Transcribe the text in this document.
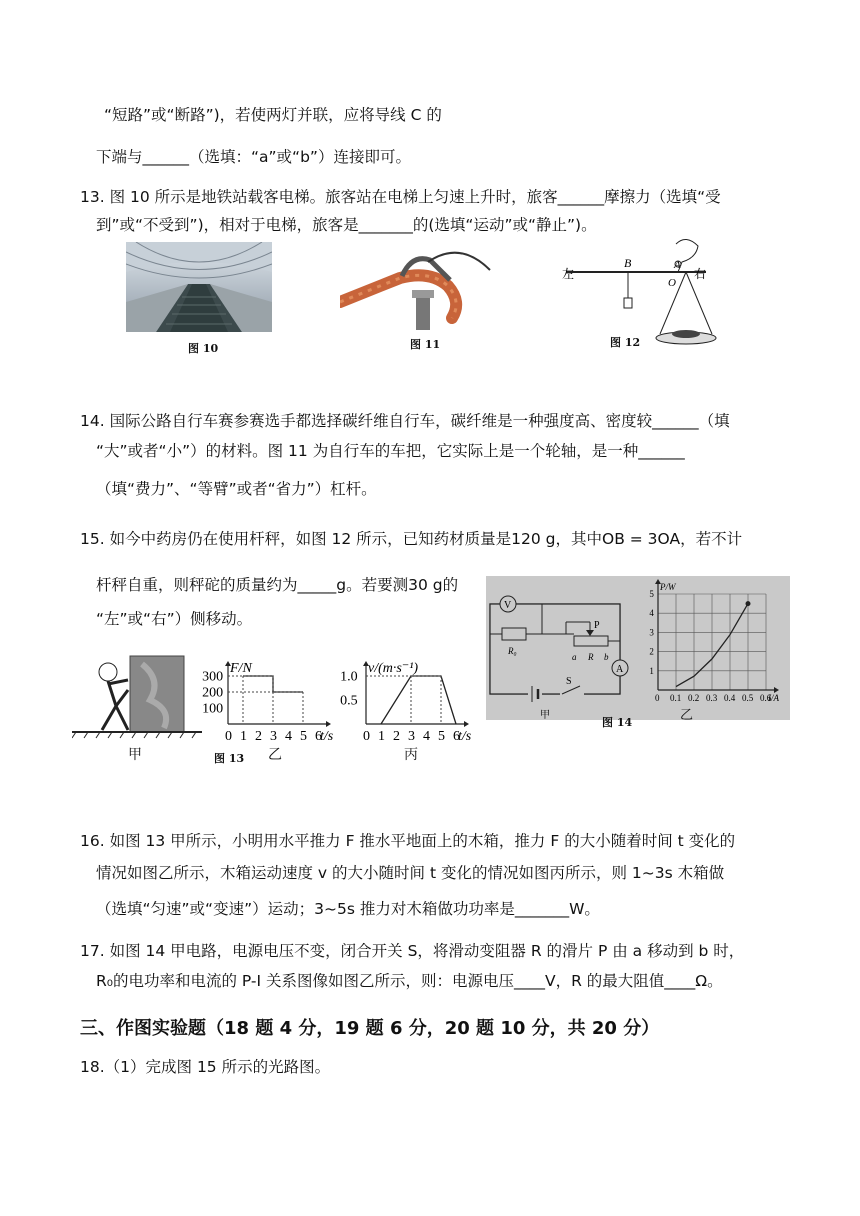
“短路”或“断路”)，若使两灯并联，应将导线 C 的
下端与______（选填：“a”或“b”）连接即可。
13. 图 10 所示是地铁站载客电梯。旅客站在电梯上匀速上升时，旅客______摩擦力（选填“受
到”或“不受到”)，相对于电梯，旅客是_______的(选填“运动”或“静止”)。
图 10	图 11
左	右
B	A
O
图 12
14. 国际公路自行车赛参赛选手都选择碳纤维自行车，碳纤维是一种强度高、密度较______（填
“大”或者“小”）的材料。图 11 为自行车的车把，它实际上是一个轮轴，是一种______
（填“费力”、“等臂”或者“省力”）杠杆。
15. 如今中药房仍在使用杆秤，如图 12 所示，已知药材质量是120 g，其中OB = 3OA，若不计
杆秤自重，则秤砣的质量约为_____g。若要测30 g的
“左”或“右”）侧移动。
甲	图 13
0 1 2 3 4 5 6
100
200
300
t/s
F/N
乙
0 1 2 3 4 5 6
0.5
1.0
t/s
v/(m·s⁻¹)
丙
V
R₀
P
a R b
A
S
甲
图 14
0 0.1 0.2 0.3 0.4 0.5 0.6
1
2
3
4
5
I/A
P/W
乙
16. 如图 13 甲所示，小明用水平推力 F 推水平地面上的木箱，推力 F 的大小随着时间 t 变化的
情况如图乙所示，木箱运动速度 v 的大小随时间 t 变化的情况如图丙所示，则 1~3s 木箱做
（选填“匀速”或“变速”）运动；3~5s 推力对木箱做功功率是_______W。
17. 如图 14 甲电路，电源电压不变，闭合开关 S，将滑动变阻器 R 的滑片 P 由 a 移动到 b 时，
R₀的电功率和电流的 P-I 关系图像如图乙所示，则：电源电压____V，R 的最大阻值____Ω。
三、作图实验题（18 题 4 分，19 题 6 分，20 题 10 分，共 20 分）
18.（1）完成图 15 所示的光路图。
